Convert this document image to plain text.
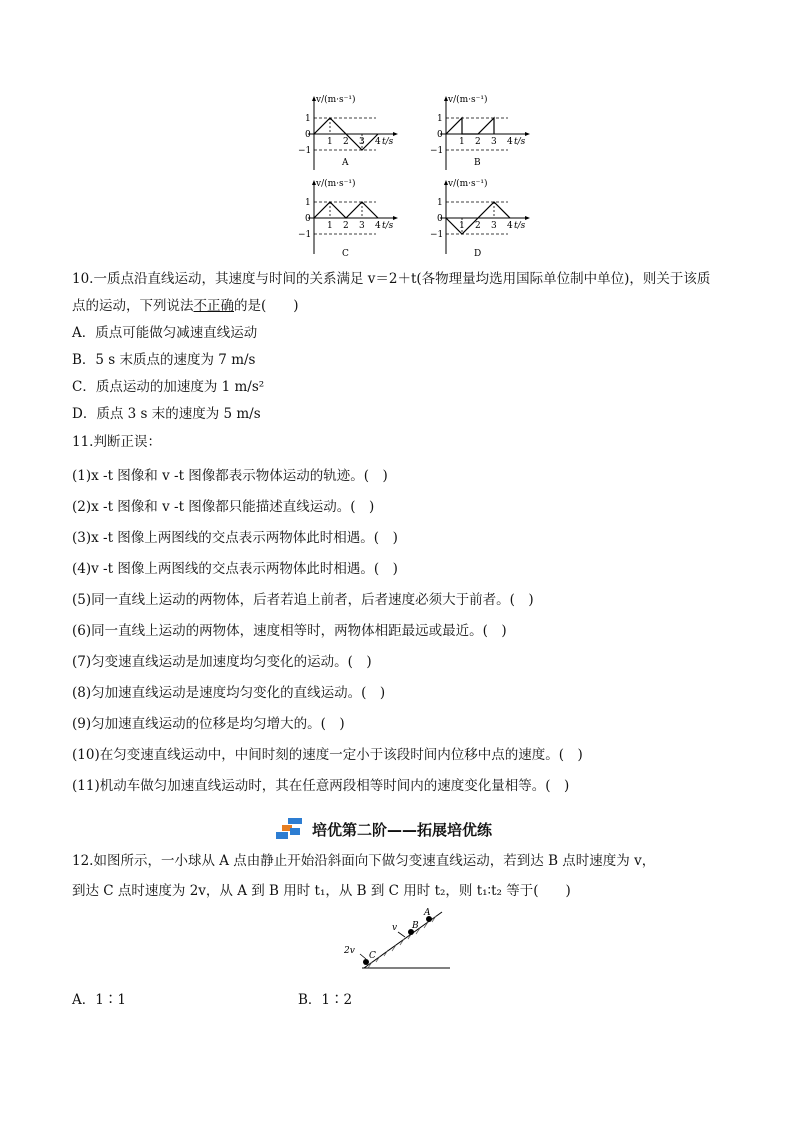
v/(m·s⁻¹)
1
0
−1
1 2 3 4 t/s
A
v/(m·s⁻¹)
1
0
−1
1 2 3 4 t/s
B
v/(m·s⁻¹)
1
0
−1
1 2 3 4 t/s
C
v/(m·s⁻¹)
1
0
−1
1 2 3 4 t/s
D
10.一质点沿直线运动，其速度与时间的关系满足 v＝2＋t(各物理量均选用国际单位制中单位)，则关于该质
点的运动，下列说法不正确的是(　　)
A．质点可能做匀减速直线运动
B．5 s 末质点的速度为 7 m/s
C．质点运动的加速度为 1 m/s²
D．质点 3 s 末的速度为 5 m/s
11.判断正误：
(1)x -t 图像和 v -t 图像都表示物体运动的轨迹。(　)
(2)x -t 图像和 v -t 图像都只能描述直线运动。(　)
(3)x -t 图像上两图线的交点表示两物体此时相遇。(　)
(4)v -t 图像上两图线的交点表示两物体此时相遇。(　)
(5)同一直线上运动的两物体，后者若追上前者，后者速度必须大于前者。(　)
(6)同一直线上运动的两物体，速度相等时，两物体相距最远或最近。(　)
(7)匀变速直线运动是加速度均匀变化的运动。(　)
(8)匀加速直线运动是速度均匀变化的直线运动。(　)
(9)匀加速直线运动的位移是均匀增大的。(　)
(10)在匀变速直线运动中，中间时刻的速度一定小于该段时间内位移中点的速度。(　)
(11)机动车做匀加速直线运动时，其在任意两段相等时间内的速度变化量相等。(　)
培优第二阶——拓展培优练
12.如图所示，一小球从 A 点由静止开始沿斜面向下做匀变速直线运动，若到达 B 点时速度为 v，
到达 C 点时速度为 2v，从 A 到 B 用时 t₁，从 B 到 C 用时 t₂，则 t₁∶t₂ 等于(　　)
A
B
C
v
2v
A．1∶1	B．1∶2
